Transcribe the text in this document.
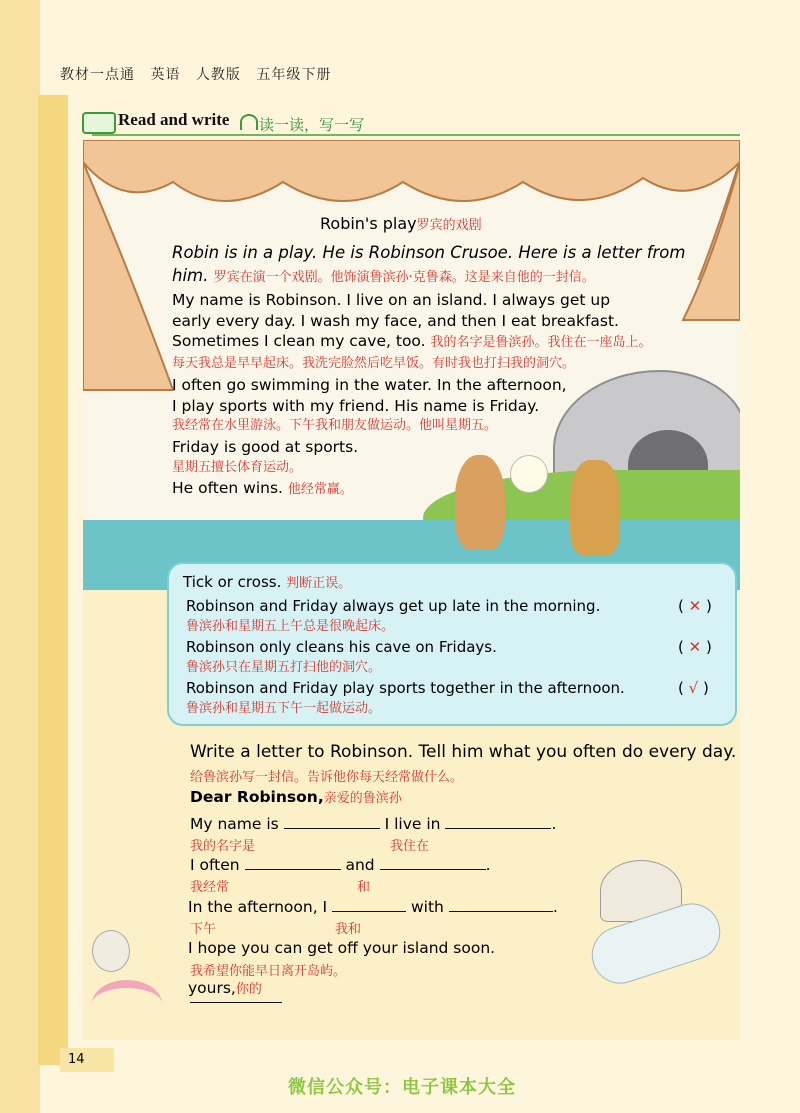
教材一点通 英语 人教版 五年级下册
Read and write 读一读，写一写
Robin's play罗宾的戏剧
Robin is in a play. He is Robinson Crusoe. Here is a letter from
him. 罗宾在演一个戏剧。他饰演鲁滨孙·克鲁森。这是来自他的一封信。
My name is Robinson. I live on an island. I always get up
early every day. I wash my face, and then I eat breakfast.
Sometimes I clean my cave, too. 我的名字是鲁滨孙。我住在一座岛上。
每天我总是早早起床。我洗完脸然后吃早饭。有时我也打扫我的洞穴。
I often go swimming in the water. In the afternoon,
I play sports with my friend. His name is Friday.
我经常在水里游泳。下午我和朋友做运动。他叫星期五。
Friday is good at sports.
星期五擅长体育运动。
He often wins. 他经常赢。
Tick or cross. 判断正误。
Robinson and Friday always get up late in the morning.
鲁滨孙和星期五上午总是很晚起床。
( ✕ )
Robinson only cleans his cave on Fridays.
鲁滨孙只在星期五打扫他的洞穴。
( ✕ )
Robinson and Friday play sports together in the afternoon.
鲁滨孙和星期五下午一起做运动。
( √ )
Write a letter to Robinson. Tell him what you often do every day.
给鲁滨孙写一封信。告诉他你每天经常做什么。
Dear Robinson,亲爱的鲁滨孙
My name is	I live in	.
我的名字是	我住在
I often	and	.
我经常	和
In the afternoon, I	with	.
下午	我和
I hope you can get off your island soon.
我希望你能早日离开岛屿。
yours,你的
14
微信公众号：电子课本大全
